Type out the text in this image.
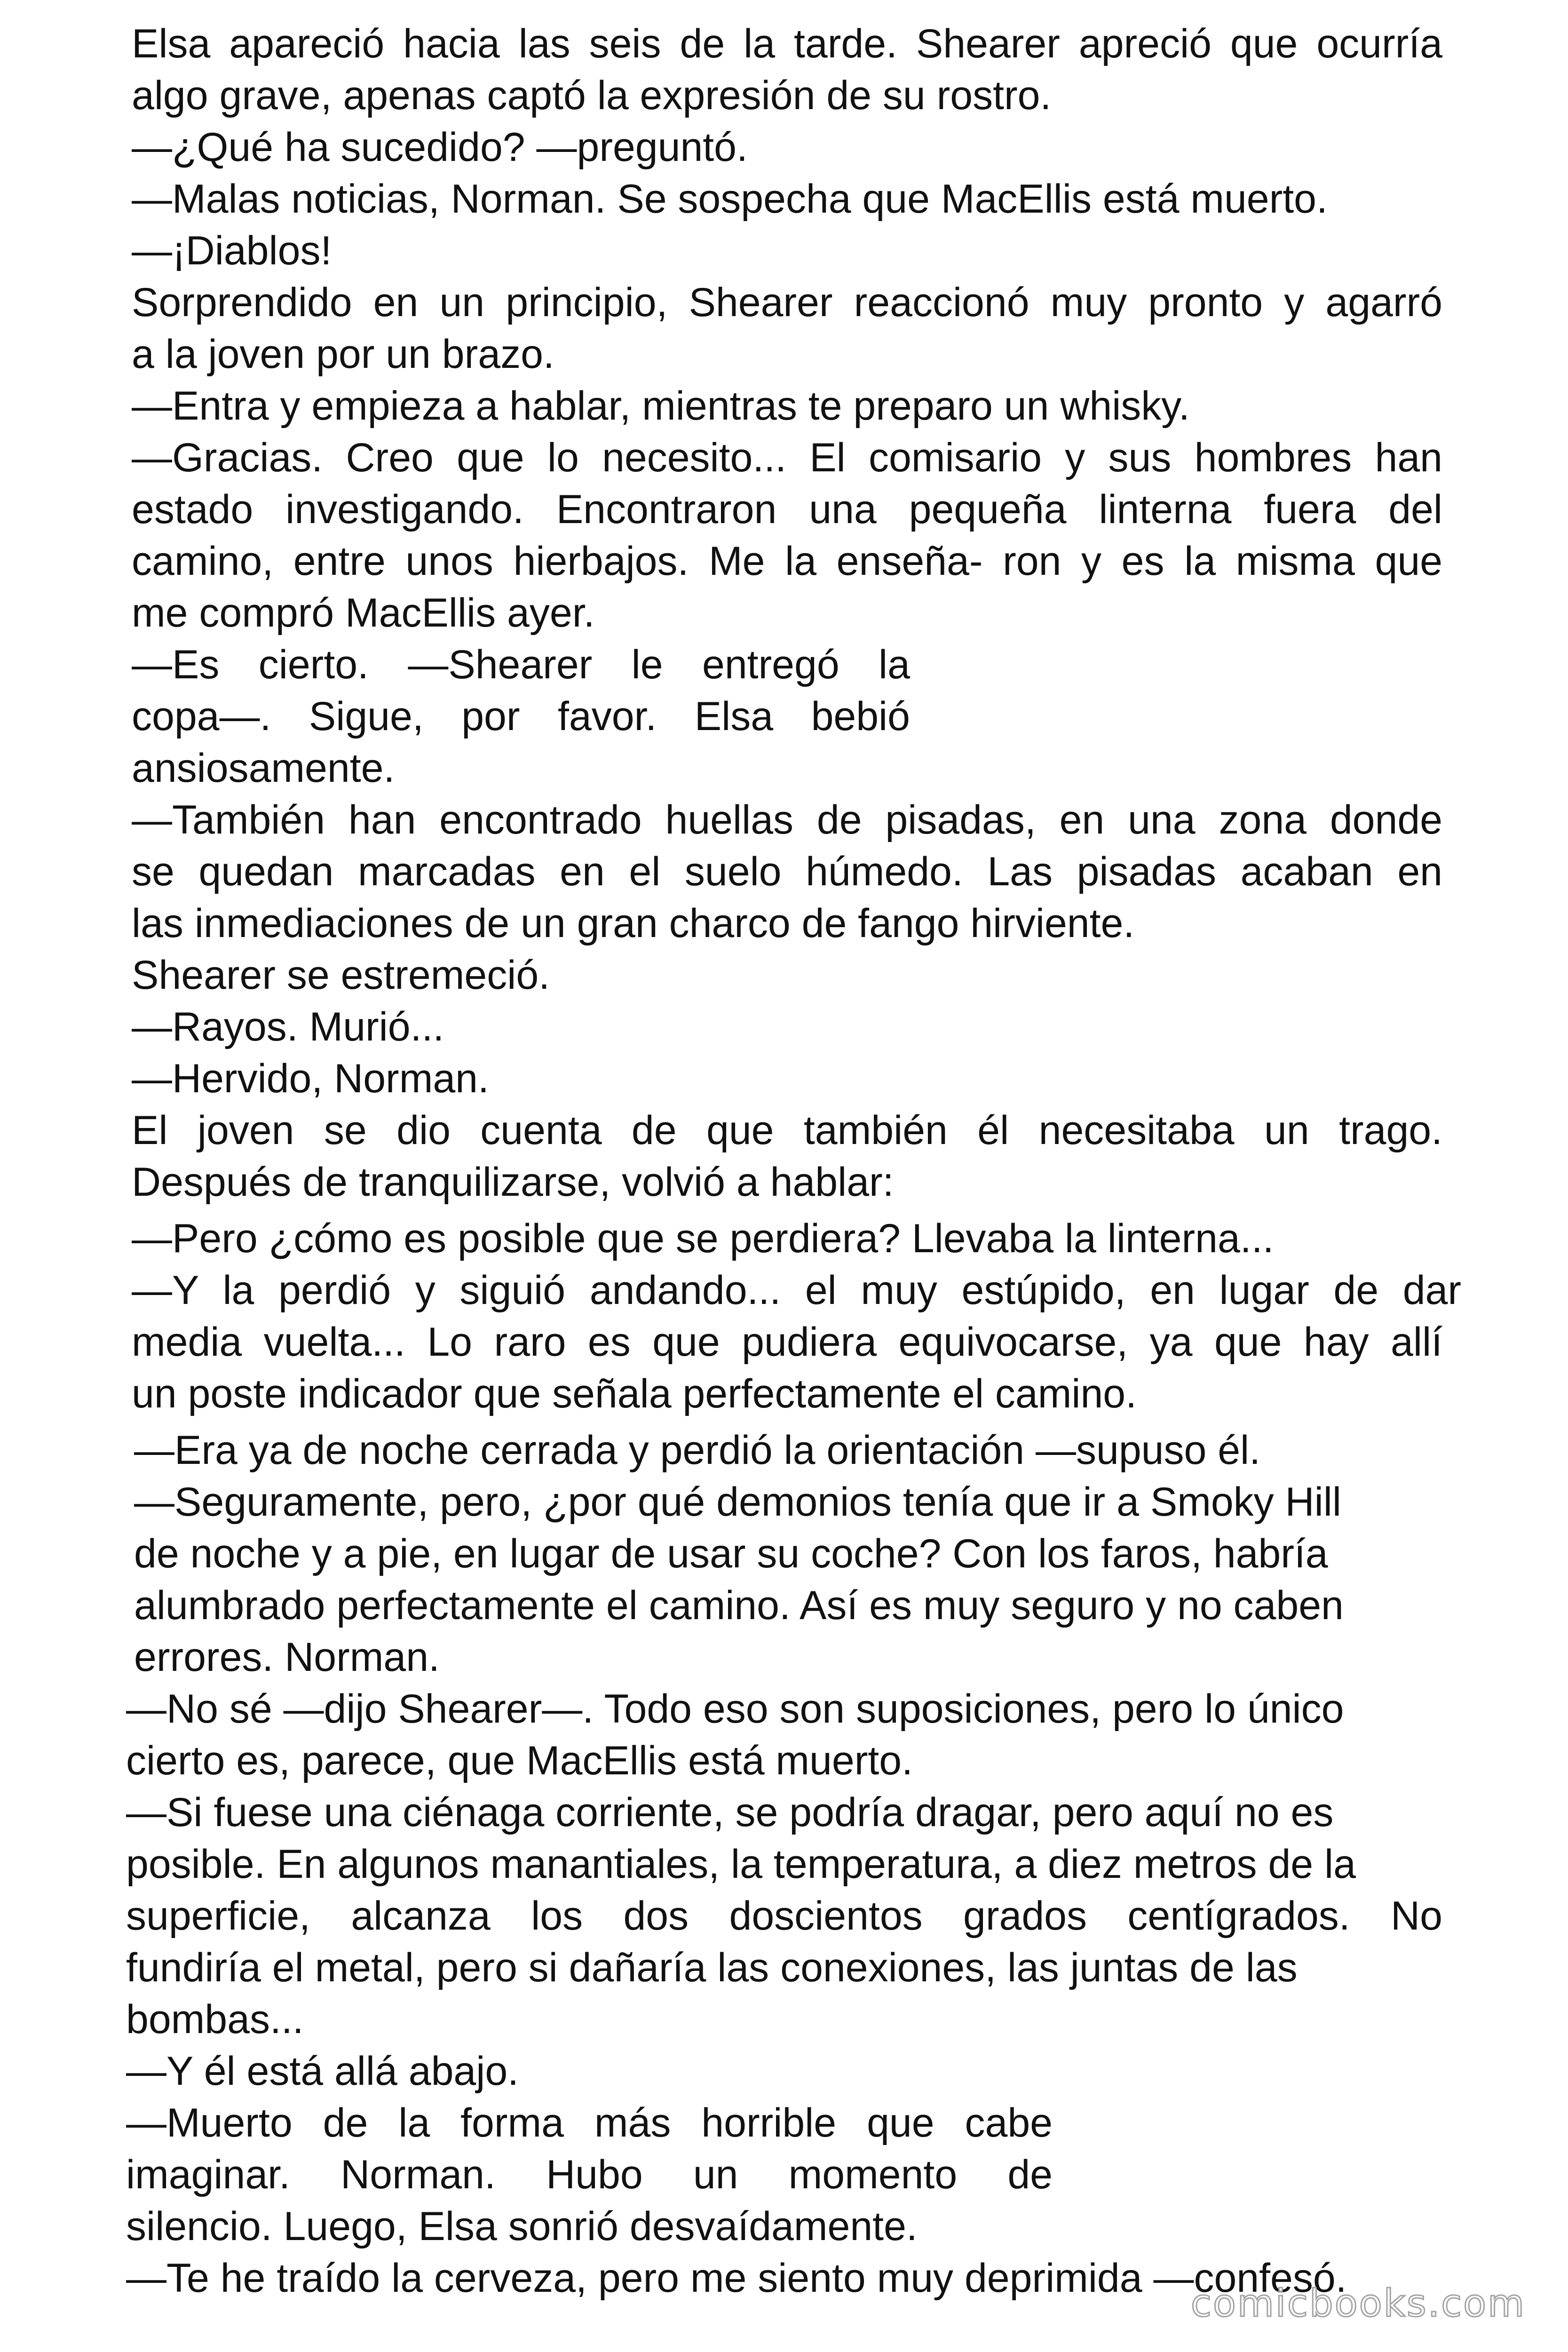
Elsa apareció hacia las seis de la tarde. Shearer apreció que ocurría
algo grave, apenas captó la expresión de su rostro.
—¿Qué ha sucedido? —preguntó.
—Malas noticias, Norman. Se sospecha que MacEllis está muerto.
—¡Diablos!
Sorprendido en un principio, Shearer reaccionó muy pronto y agarró
a la joven por un brazo.
—Entra y empieza a hablar, mientras te preparo un whisky.
—Gracias. Creo que lo necesito... El comisario y sus hombres han
estado investigando. Encontraron una pequeña linterna fuera del
camino, entre unos hierbajos. Me la enseña- ron y es la misma que
me compró MacEllis ayer.
—Es cierto. —Shearer le entregó la
copa—. Sigue, por favor. Elsa bebió
ansiosamente.
—También han encontrado huellas de pisadas, en una zona donde
se quedan marcadas en el suelo húmedo. Las pisadas acaban en
las inmediaciones de un gran charco de fango hirviente.
Shearer se estremeció.
—Rayos. Murió...
—Hervido, Norman.
El joven se dio cuenta de que también él necesitaba un trago.
Después de tranquilizarse, volvió a hablar:
—Pero ¿cómo es posible que se perdiera? Llevaba la linterna...
—Y la perdió y siguió andando... el muy estúpido, en lugar de dar
media vuelta... Lo raro es que pudiera equivocarse, ya que hay allí
un poste indicador que señala perfectamente el camino.
—Era ya de noche cerrada y perdió la orientación —supuso él.
—Seguramente, pero, ¿por qué demonios tenía que ir a Smoky Hill
de noche y a pie, en lugar de usar su coche? Con los faros, habría
alumbrado perfectamente el camino. Así es muy seguro y no caben
errores. Norman.
—No sé —dijo Shearer—. Todo eso son suposiciones, pero lo único
cierto es, parece, que MacEllis está muerto.
—Si fuese una ciénaga corriente, se podría dragar, pero aquí no es
posible. En algunos manantiales, la temperatura, a diez metros de la
superficie, alcanza los dos doscientos grados centígrados. No
fundiría el metal, pero si dañaría las conexiones, las juntas de las
bombas...
—Y él está allá abajo.
—Muerto de la forma más horrible que cabe
imaginar. Norman. Hubo un momento de
silencio. Luego, Elsa sonrió desvaídamente.
—Te he traído la cerveza, pero me siento muy deprimida —confesó.
comicbooks.com
